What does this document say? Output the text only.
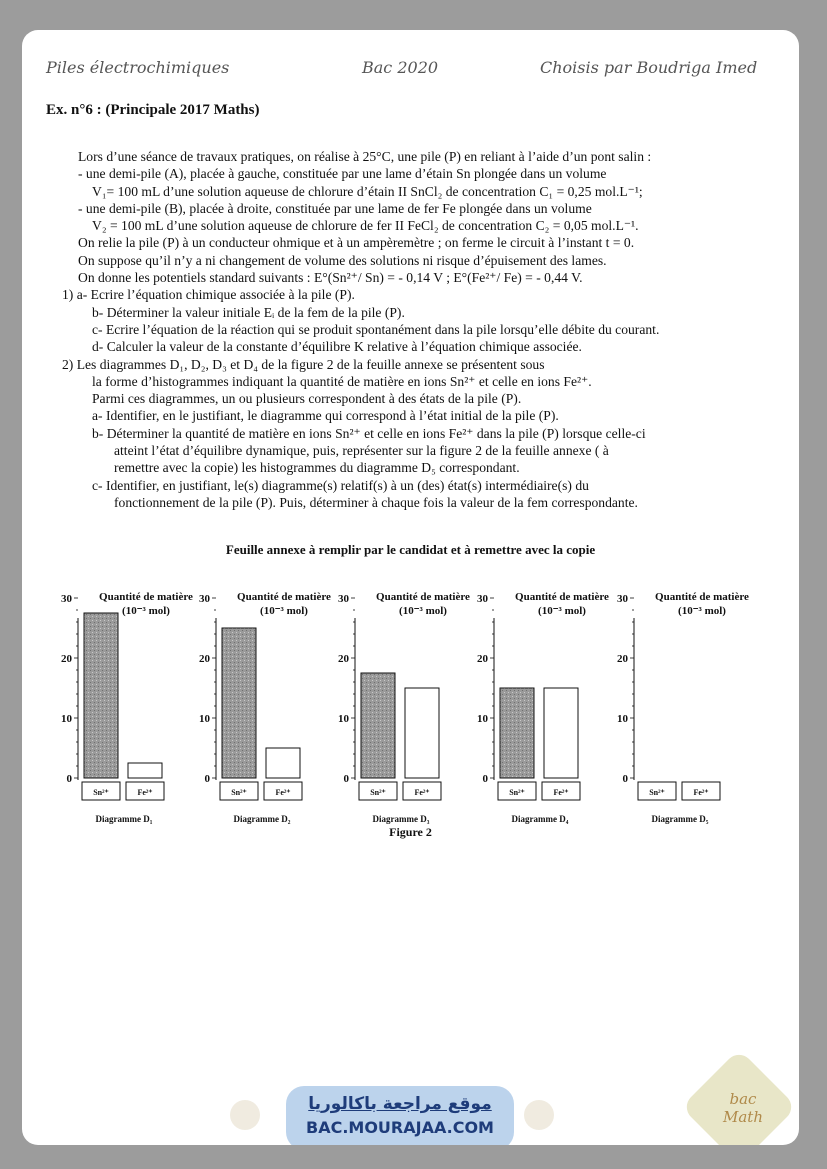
Piles électrochimiques	Bac 2020	Choisis par Boudriga Imed
Ex. n°6 : (Principale 2017 Maths)

Lors d’une séance de travaux pratiques, on réalise à 25°C, une pile (P) en reliant à l’aide d’un pont salin :

- une demi-pile (A), placée à gauche, constituée par une lame d’étain Sn plongée dans un volume

V₁= 100 mL d’une solution aqueuse de chlorure d’étain II SnCl₂ de concentration C₁ = 0,25 mol.L⁻¹;

- une demi-pile (B), placée à droite, constituée par une lame de fer Fe plongée dans un volume

V₂ = 100 mL d’une solution aqueuse de chlorure de fer II FeCl₂ de concentration C₂ = 0,05 mol.L⁻¹.

On relie la pile (P) à un conducteur ohmique et à un ampèremètre ; on ferme le circuit à l’instant t = 0.

On suppose qu’il n’y a ni changement de volume des solutions ni risque d’épuisement des lames.

On donne les potentiels standard suivants : E°(Sn²⁺/ Sn) = - 0,14 V ; E°(Fe²⁺/ Fe) = - 0,44 V.

1) a- Ecrire l’équation chimique associée à la pile (P).

b- Déterminer la valeur initiale Eᵢ de la fem de la pile (P).

c- Ecrire l’équation de la réaction qui se produit spontanément dans la pile lorsqu’elle débite du courant.

d- Calculer la valeur de la constante d’équilibre K relative à l’équation chimique associée.

2) Les diagrammes D₁, D₂, D₃ et D₄ de la figure 2 de la feuille annexe se présentent sous

la forme d’histogrammes indiquant la quantité de matière en ions Sn²⁺ et celle en ions Fe²⁺.

Parmi ces diagrammes, un ou plusieurs correspondent à des états de la pile (P).

a- Identifier, en le justifiant, le diagramme qui correspond à l’état initial de la pile (P).

b- Déterminer la quantité de matière en ions Sn²⁺ et celle en ions Fe²⁺ dans la pile (P) lorsque celle-ci

atteint l’état d’équilibre dynamique, puis, représenter sur la figure 2 de la feuille annexe ( à

remettre avec la copie) les histogrammes du diagramme D₅ correspondant.

c- Identifier, en justifiant, le(s) diagramme(s) relatif(s) à un (des) état(s) intermédiaire(s) du

fonctionnement de la pile (P). Puis, déterminer à chaque fois la valeur de la fem correspondante.

Feuille annexe à remplir par le candidat et à remettre avec la copie
Quantité de matière
(10⁻³ mol)
0
10
20
30
Sn²⁺	Fe²⁺
Diagramme D₁
Quantité de matière
(10⁻³ mol)
0
10
20
30
Sn²⁺	Fe²⁺
Diagramme D₂
Quantité de matière
(10⁻³ mol)
0
10
20
30
Sn²⁺	Fe²⁺
Diagramme D₃
Quantité de matière
(10⁻³ mol)
0
10
20
30
Sn²⁺	Fe²⁺
Diagramme D₄
Quantité de matière
(10⁻³ mol)
0
10
20
30
Sn²⁺	Fe²⁺
Diagramme D₅
Figure 2
موقع مراجعة باكالوريا
BAC.MOURAJAA.COM
bac Math
